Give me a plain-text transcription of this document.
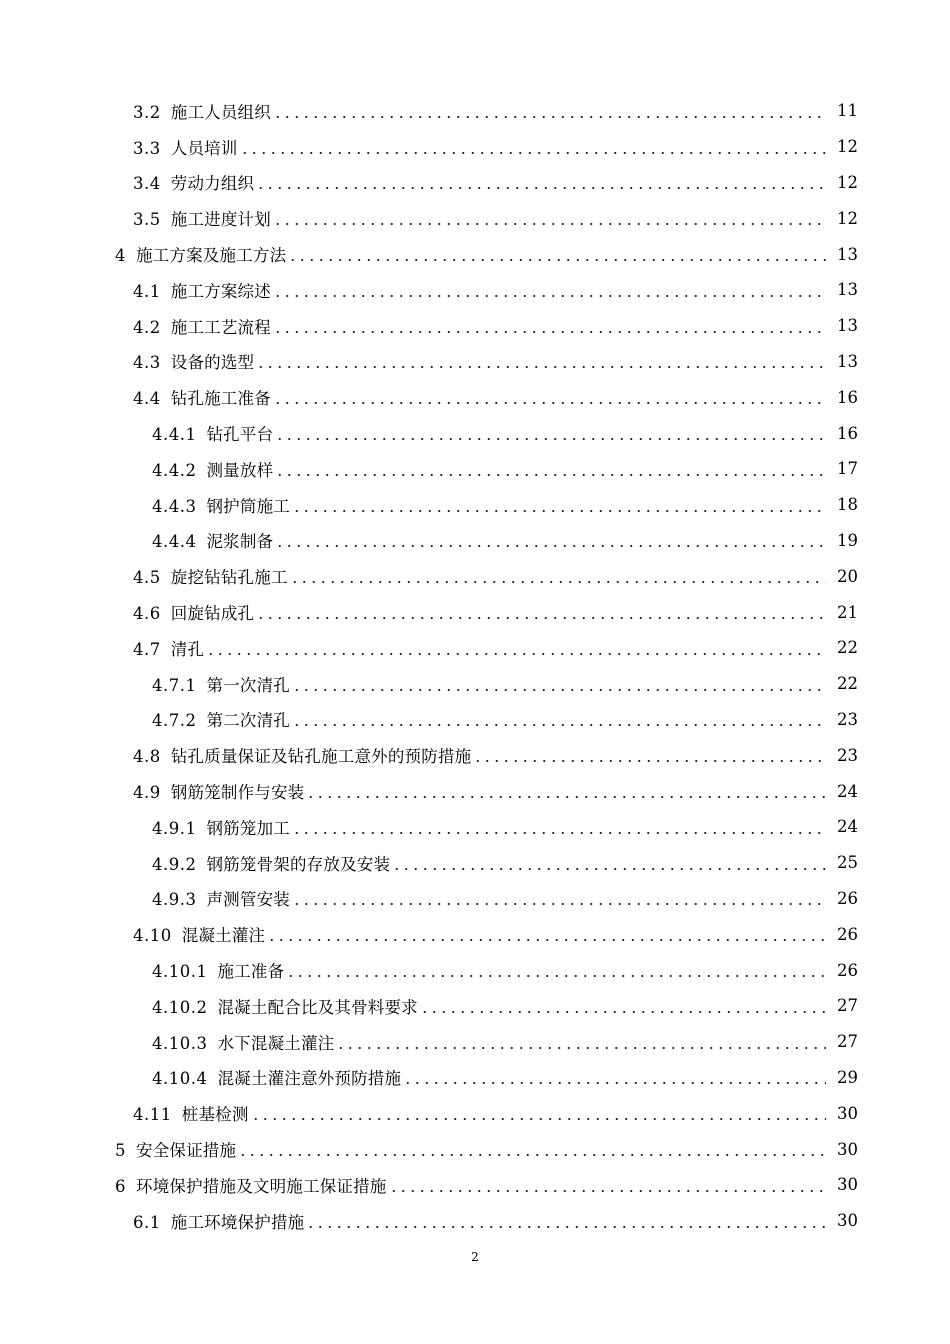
3.2 施工人员组织	11
3.3 人员培训	12
3.4 劳动力组织	12
3.5 施工进度计划	12
4 施工方案及施工方法	13
4.1 施工方案综述	13
4.2 施工工艺流程	13
4.3 设备的选型	13
4.4 钻孔施工准备	16
4.4.1 钻孔平台	16
4.4.2 测量放样	17
4.4.3 钢护筒施工	18
4.4.4 泥浆制备	19
4.5 旋挖钻钻孔施工	20
4.6 回旋钻成孔	21
4.7 清孔	22
4.7.1 第一次清孔	22
4.7.2 第二次清孔	23
4.8 钻孔质量保证及钻孔施工意外的预防措施	23
4.9 钢筋笼制作与安装	24
4.9.1 钢筋笼加工	24
4.9.2 钢筋笼骨架的存放及安装	25
4.9.3 声测管安装	26
4.10 混凝土灌注	26
4.10.1 施工准备	26
4.10.2 混凝土配合比及其骨料要求	27
4.10.3 水下混凝土灌注	27
4.10.4 混凝土灌注意外预防措施	29
4.11 桩基检测	30
5 安全保证措施	30
6 环境保护措施及文明施工保证措施	30
6.1 施工环境保护措施	30
2
